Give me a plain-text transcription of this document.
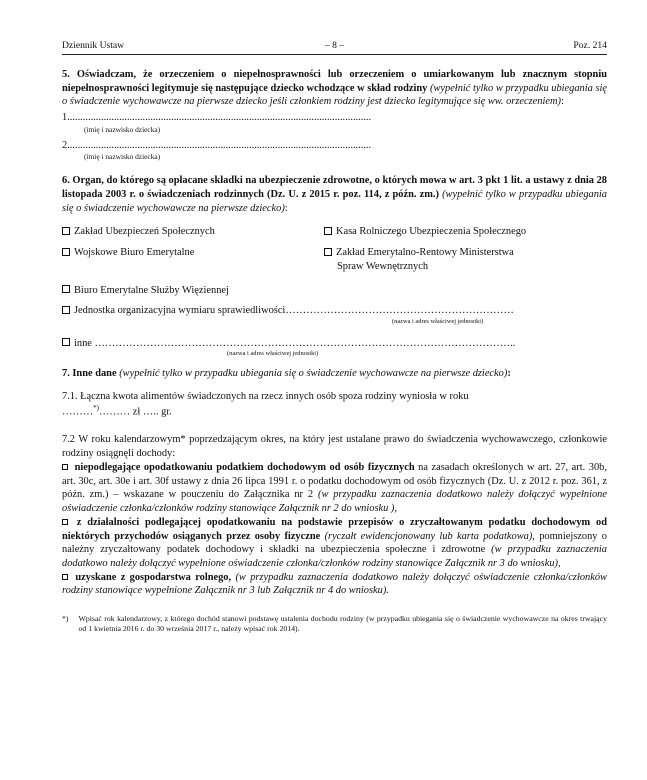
Dziennik Ustaw	– 8 –	Poz. 214

5. Oświadczam, że orzeczeniem o niepełnosprawności lub orzeczeniem o umiarkowanym lub znacznym stopniu niepełnosprawności legitymuje się następujące dziecko wchodzące w skład rodziny (wypełnić tylko w przypadku ubiegania się o świadczenie wychowawcze na pierwsze dziecko jeśli członkiem rodziny jest dziecko legitymujące się ww. orzeczeniem):

1.....................................................................................................................

(imię i nazwisko dziecka)

2.....................................................................................................................

(imię i nazwisko dziecka)

6. Organ, do którego są opłacane składki na ubezpieczenie zdrowotne, o których mowa w art. 3 pkt 1 lit. a ustawy z dnia 28 listopada 2003 r. o świadczeniach rodzinnych (Dz. U. z 2015 r. poz. 114, z późn. zm.) (wypełnić tylko w przypadku ubiegania się o świadczenie wychowawcze na pierwsze dziecko):

Zakład Ubezpieczeń Społecznych	Kasa Rolniczego Ubezpieczenia Społecznego
Wojskowe Biuro Emerytalne	Zakład Emerytalno-Rentowy Ministerstwa
Spraw Wewnętrznych
Biuro Emerytalne Służby Więziennej
Jednostka organizacyjna wymiaru sprawiedliwości…………………………………………………………

(nazwa i adres właściwej jednostki)

inne …………………………………………………………………………………………………………..

(nazwa i adres właściwej jednostki)

7. Inne dane (wypełnić tylko w przypadku ubiegania się o świadczenie wychowawcze na pierwsze dziecko):

7.1. Łączna kwota alimentów świadczonych na rzecz innych osób spoza rodziny wyniosła w roku
………*)……… zł ….. gr.

7.2 W roku kalendarzowym* poprzedzającym okres, na który jest ustalane prawo do świadczenia wychowawczego, członkowie rodziny osiągnęli dochody:

niepodlegające opodatkowaniu podatkiem dochodowym od osób fizycznych na zasadach określonych w art. 27, art. 30b, art. 30c, art. 30e i art. 30f ustawy z dnia 26 lipca 1991 r. o podatku dochodowym od osób fizycznych (Dz. U. z 2012 r. poz. 361, z późn. zm.) – wskazane w pouczeniu do Załącznika nr 2 (w przypadku zaznaczenia dodatkowo należy dołączyć wypełnione oświadczenie członka/członków rodziny stanowiące Załącznik nr 2 do wniosku ),

z działalności podlegającej opodatkowaniu na podstawie przepisów o zryczałtowanym podatku dochodowym od niektórych przychodów osiąganych przez osoby fizyczne (ryczałt ewidencjonowany lub karta podatkowa), pomniejszony o należny zryczałtowany podatek dochodowy i składki na ubezpieczenia społeczne i zdrowotne (w przypadku zaznaczenia dodatkowo należy dołączyć wypełnione oświadczenie członka/członków rodziny stanowiące Załącznik nr 3 do wniosku),

uzyskane z gospodarstwa rolnego, (w przypadku zaznaczenia dodatkowo należy dołączyć oświadczenie członka/członków rodziny stanowiące wypełnione Załącznik nr 3 lub Załącznik nr 4 do wniosku).

*) Wpisać rok kalendarzowy, z którego dochód stanowi podstawę ustalenia dochodu rodziny (w przypadku ubiegania się o świadczenie wychowawcze na okres trwający od 1 kwietnia 2016 r. do 30 września 2017 r., należy wpisać rok 2014).
